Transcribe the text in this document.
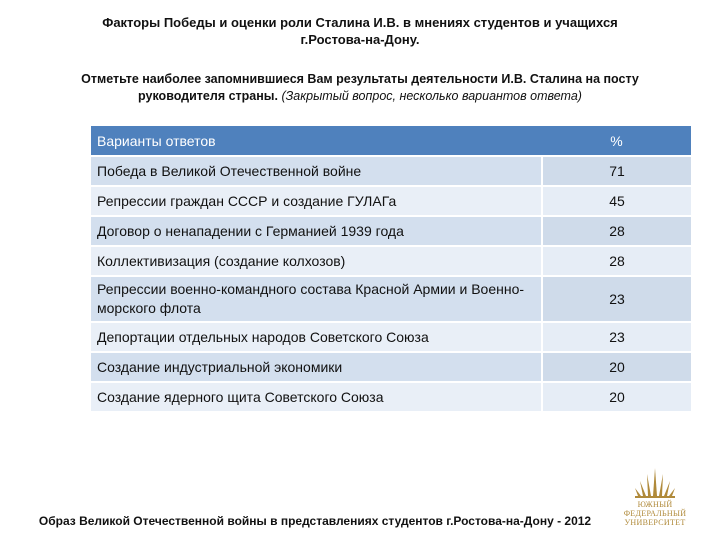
Факторы Победы и оценки роли Сталина И.В. в мнениях студентов и учащихся
г.Ростова-на-Дону.
Отметьте наиболее запомнившиеся Вам результаты деятельности И.В. Сталина на посту
руководителя страны. (Закрытый вопрос, несколько вариантов ответа)
Варианты ответов	%
Победа в Великой Отечественной войне	71
Репрессии граждан СССР и создание ГУЛАГа	45
Договор о ненападении с Германией 1939 года	28
Коллективизация (создание колхозов)	28
Репрессии военно-командного состава Красной Армии и Военно-морского флота	23
Депортации отдельных народов Советского Союза	23
Создание индустриальной экономики	20
Создание ядерного щита Советского Союза	20
Образ Великой Отечественной войны в представлениях студентов г.Ростова-на-Дону - 2012
ЮЖНЫЙ
ФЕДЕРАЛЬНЫЙ
УНИВЕРСИТЕТ
